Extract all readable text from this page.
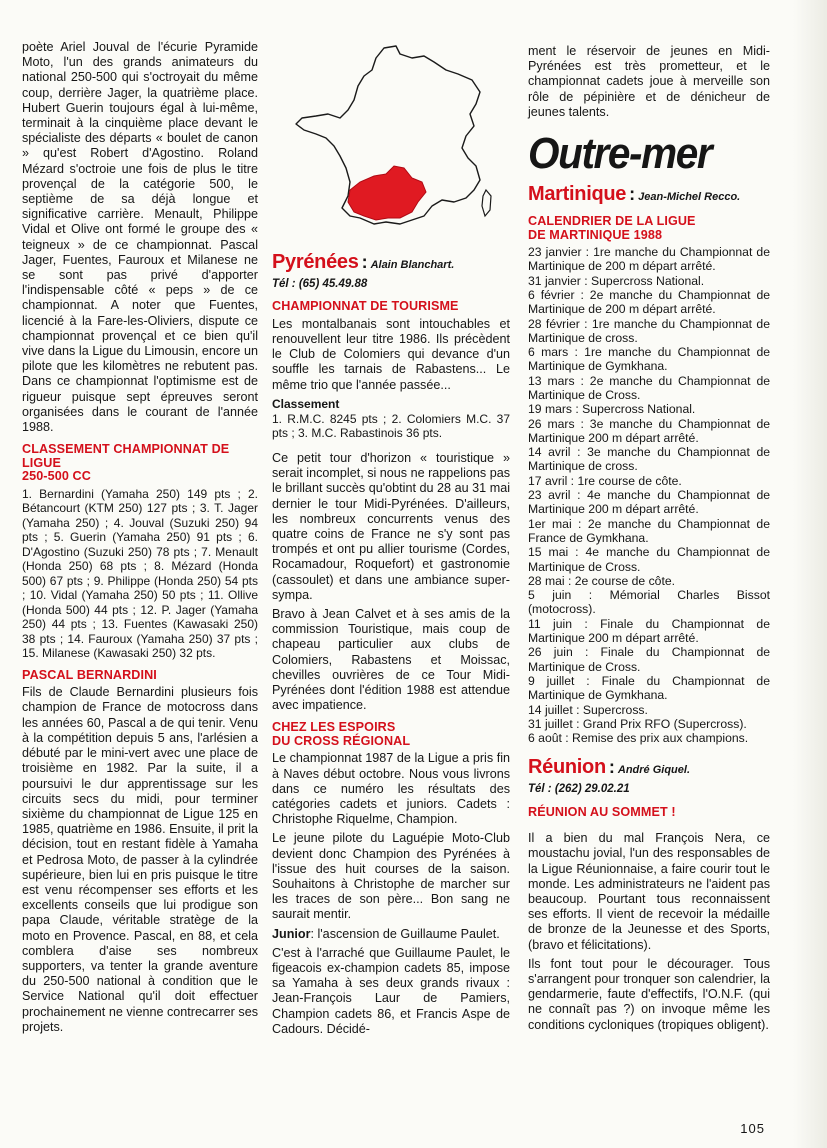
poète Ariel Jouval de l'écurie Pyramide Moto, l'un des grands animateurs du national 250-500 qui s'octroyait du même coup, derrière Jager, la quatrième place. Hubert Guerin toujours égal à lui-même, terminait à la cinquième place devant le spécialiste des départs « boulet de canon » qu'est Robert d'Agostino. Roland Mézard s'octroie une fois de plus le titre provençal de la catégorie 500, le septième de sa déjà longue et significative carrière. Menault, Philippe Vidal et Olive ont formé le groupe des « teigneux » de ce championnat. Pascal Jager, Fuentes, Fauroux et Milanese ne se sont pas privé d'apporter l'indispensable côté « peps » de ce championnat. A noter que Fuentes, licencié à la Fare-les-Oliviers, dispute ce championnat provençal et ce bien qu'il vive dans la Ligue du Limousin, encore un pilote que les kilomètres ne rebutent pas. Dans ce championnat l'optimisme est de rigueur puisque sept épreuves seront organisées dans le courant de l'année 1988.

CLASSEMENT CHAMPIONNAT DE LIGUE
250-500 CC

1. Bernardini (Yamaha 250) 149 pts ; 2. Bétancourt (KTM 250) 127 pts ; 3. T. Jager (Yamaha 250) ; 4. Jouval (Suzuki 250) 94 pts ; 5. Guerin (Yamaha 250) 91 pts ; 6. D'Agostino (Suzuki 250) 78 pts ; 7. Menault (Honda 250) 68 pts ; 8. Mézard (Honda 500) 67 pts ; 9. Philippe (Honda 250) 54 pts ; 10. Vidal (Yamaha 250) 50 pts ; 11. Ollive (Honda 500) 44 pts ; 12. P. Jager (Yamaha 250) 44 pts ; 13. Fuentes (Kawasaki 250) 38 pts ; 14. Fauroux (Yamaha 250) 37 pts ; 15. Milanese (Kawasaki 250) 32 pts.

PASCAL BERNARDINI

Fils de Claude Bernardini plusieurs fois champion de France de motocross dans les années 60, Pascal a de qui tenir. Venu à la compétition depuis 5 ans, l'arlésien a débuté par le mini-vert avec une place de troisième en 1982. Par la suite, il a poursuivi le dur apprentissage sur les circuits secs du midi, pour terminer sixième du championnat de Ligue 125 en 1985, quatrième en 1986. Ensuite, il prit la décision, tout en restant fidèle à Yamaha et Pedrosa Moto, de passer à la cylindrée supérieure, bien lui en pris puisque le titre est venu récompenser ses efforts et les excellents conseils que lui prodigue son papa Claude, véritable stratège de la moto en Provence. Pascal, en 88, et cela comblera d'aise ses nombreux supporters, va tenter la grande aventure du 250-500 national à condition que le Service National qu'il doit effectuer prochainement ne vienne contrecarrer ses projets.

Pyrénées : Alain Blanchart.
Tél : (65) 45.49.88
CHAMPIONNAT DE TOURISME

Les montalbanais sont intouchables et renouvellent leur titre 1986. Ils précèdent le Club de Colomiers qui devance d'un souffle les tarnais de Rabastens... Le même trio que l'année passée...

Classement

1. R.M.C. 8245 pts ; 2. Colomiers M.C. 37 pts ; 3. M.C. Rabastinois 36 pts.

Ce petit tour d'horizon « touristique » serait incomplet, si nous ne rappelions pas le brillant succès qu'obtint du 28 au 31 mai dernier le tour Midi-Pyrénées. D'ailleurs, les nombreux concurrents venus des quatre coins de France ne s'y sont pas trompés et ont pu allier tourisme (Cordes, Rocamadour, Roquefort) et gastronomie (cassoulet) et dans une ambiance super-sympa.

Bravo à Jean Calvet et à ses amis de la commission Touristique, mais coup de chapeau particulier aux clubs de Colomiers, Rabastens et Moissac, chevilles ouvrières de ce Tour Midi-Pyrénées dont l'édition 1988 est attendue avec impatience.

CHEZ LES ESPOIRS
DU CROSS RÉGIONAL

Le championnat 1987 de la Ligue a pris fin à Naves début octobre. Nous vous livrons dans ce numéro les résultats des catégories cadets et juniors. Cadets : Christophe Riquelme, Champion.

Le jeune pilote du Laguépie Moto-Club devient donc Champion des Pyrénées à l'issue des huit courses de la saison. Souhaitons à Christophe de marcher sur les traces de son père... Bon sang ne saurait mentir.

Junior: l'ascension de Guillaume Paulet.

C'est à l'arraché que Guillaume Paulet, le figeacois ex-champion cadets 85, impose sa Yamaha à ses deux grands rivaux : Jean-François Laur de Pamiers, Champion cadets 86, et Francis Aspe de Cadours. Décidé-

ment le réservoir de jeunes en Midi-Pyrénées est très prometteur, et le championnat cadets joue à merveille son rôle de pépinière et de dénicheur de jeunes talents.

Outre-mer
Martinique : Jean-Michel Recco.
CALENDRIER DE LA LIGUE
DE MARTINIQUE 1988

23 janvier : 1re manche du Championnat de Martinique de 200 m départ arrêté.

31 janvier : Supercross National.

6 février : 2e manche du Championnat de Martinique de 200 m départ arrêté.

28 février : 1re manche du Championnat de Martinique de cross.

6 mars : 1re manche du Championnat de Martinique de Gymkhana.

13 mars : 2e manche du Championnat de Martinique de Cross.

19 mars : Supercross National.

26 mars : 3e manche du Championnat de Martinique 200 m départ arrêté.

14 avril : 3e manche du Championnat de Martinique de cross.

17 avril : 1re course de côte.

23 avril : 4e manche du Championnat de Martinique 200 m départ arrêté.

1er mai : 2e manche du Championnat de France de Gymkhana.

15 mai : 4e manche du Championnat de Martinique de Cross.

28 mai : 2e course de côte.

5 juin : Mémorial Charles Bissot (motocross).

11 juin : Finale du Championnat de Martinique 200 m départ arrêté.

26 juin : Finale du Championnat de Martinique de Cross.

9 juillet : Finale du Championnat de Martinique de Gymkhana.

14 juillet : Supercross.

31 juillet : Grand Prix RFO (Supercross).

6 août : Remise des prix aux champions.

Réunion : André Giquel.
Tél : (262) 29.02.21
RÉUNION AU SOMMET !

Il a bien du mal François Nera, ce moustachu jovial, l'un des responsables de la Ligue Réunionnaise, a faire courir tout le monde. Les administrateurs ne l'aident pas beaucoup. Pourtant tous reconnaissent ses efforts. Il vient de recevoir la médaille de bronze de la Jeunesse et des Sports, (bravo et félicitations).

Ils font tout pour le décourager. Tous s'arrangent pour tronquer son calendrier, la gendarmerie, faute d'effectifs, l'O.N.F. (qui ne connaît pas ?) on invoque même les conditions cycloniques (tropiques obligent).

105
